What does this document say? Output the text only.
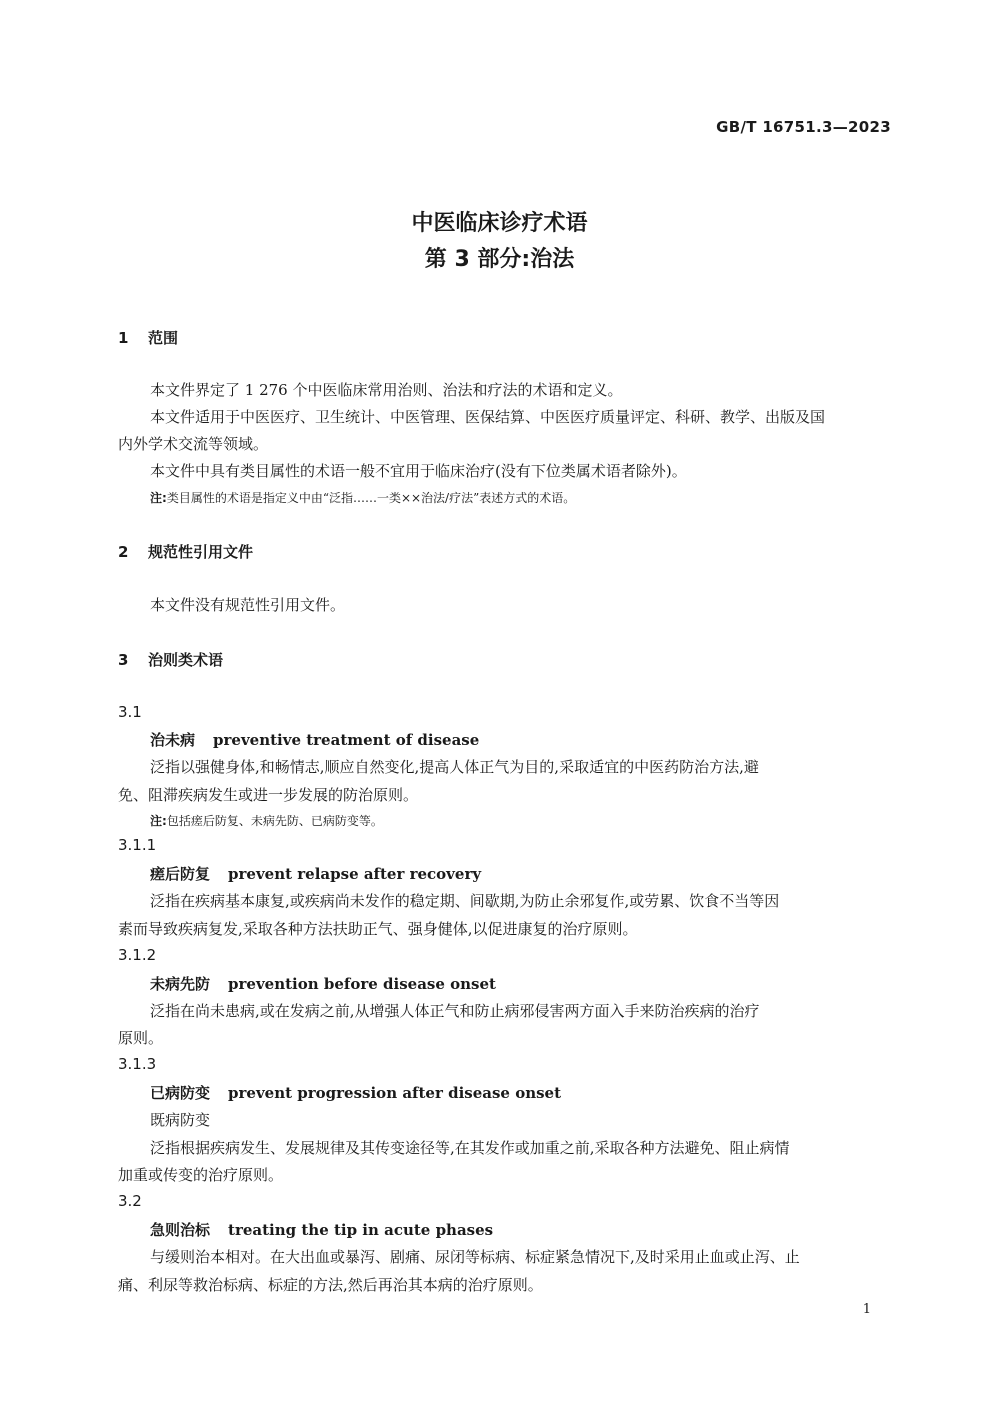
GB/T 16751.3—2023
中医临床诊疗术语
第 3 部分:治法
1 范围
本文件界定了 1 276 个中医临床常用治则、治法和疗法的术语和定义。
本文件适用于中医医疗、卫生统计、中医管理、医保结算、中医医疗质量评定、科研、教学、出版及国
内外学术交流等领域。
本文件中具有类目属性的术语一般不宜用于临床治疗(没有下位类属术语者除外)。
注:类目属性的术语是指定义中由“泛指……一类××治法/疗法”表述方式的术语。
2 规范性引用文件
本文件没有规范性引用文件。
3 治则类术语
3.1
治未病 preventive treatment of disease
泛指以强健身体,和畅情志,顺应自然变化,提高人体正气为目的,采取适宜的中医药防治方法,避
免、阻滞疾病发生或进一步发展的防治原则。
注:包括瘥后防复、未病先防、已病防变等。
3.1.1
瘥后防复 prevent relapse after recovery
泛指在疾病基本康复,或疾病尚未发作的稳定期、间歇期,为防止余邪复作,或劳累、饮食不当等因
素而导致疾病复发,采取各种方法扶助正气、强身健体,以促进康复的治疗原则。
3.1.2
未病先防 prevention before disease onset
泛指在尚未患病,或在发病之前,从增强人体正气和防止病邪侵害两方面入手来防治疾病的治疗
原则。
3.1.3
已病防变 prevent progression after disease onset
既病防变
泛指根据疾病发生、发展规律及其传变途径等,在其发作或加重之前,采取各种方法避免、阻止病情
加重或传变的治疗原则。
3.2
急则治标 treating the tip in acute phases
与缓则治本相对。在大出血或暴泻、剧痛、尿闭等标病、标症紧急情况下,及时采用止血或止泻、止
痛、利尿等救治标病、标症的方法,然后再治其本病的治疗原则。
1
